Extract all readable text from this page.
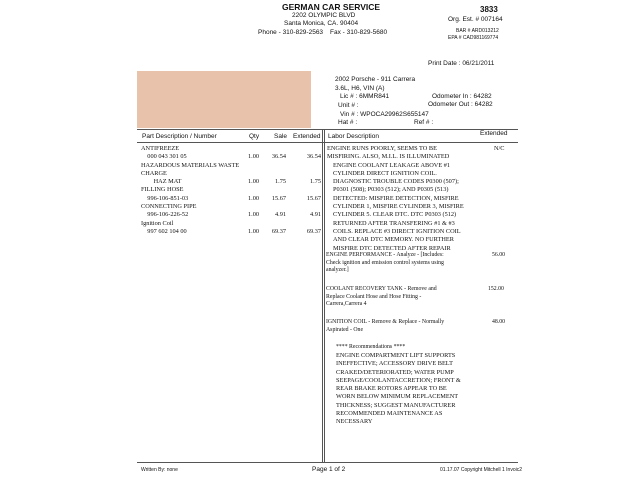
GERMAN CAR SERVICE
2202 OLYMPIC BLVD
Santa Monica, CA. 90404
Phone - 310-829-2563 Fax - 310-829-5680
3833
Org. Est. # 007164
BAR # ARD013212
EPA # CAD981169774
Print Date : 06/21/2011
2002 Porsche - 911 Carrera
3.6L, H6, VIN (A)
Lic # : 6MMR841
Unit # :
Vin # : WPOCA29962S655147
Hat # :
Odometer In : 64282
Odometer Out : 64282
Ref # :
Part Description / Number	Qty Sale Extended Labor Description	Extended
ANTIFREEZE
000 043 301 05	1.00 36.54	36.54
HAZARDOUS MATERIALS WASTE
CHARGE
HAZ MAT	1.00	1.75	1.75
FILLING HOSE
996-106-851-03	1.00 15.67	15.67
CONNECTING PIPE
996-106-226-52	1.00	4.91	4.91
Ignition Coil
997 602 104 00	1.00 69.37	69.37
ENGINE RUNS POORLY, SEEMS TO BE
MISFIRING. ALSO, M.I.L. IS ILLUMINATED
ENGINE COOLANT LEAKAGE ABOVE #1
CYLINDER DIRECT IGNITION COIL.
DIAGNOSTIC TROUBLE CODES P0300 (507);
P0301 (508); P0303 (512); AND P0305 (513)
DETECTED: MISFIRE DETECTION, MISFIRE
CYLINDER 1, MISFIRE CYLINDER 3, MISFIRE
CYLINDER 5. CLEAR DTC. DTC P0303 (512)
RETURNED AFTER TRANSFERING #1 & #3
COILS. REPLACE #3 DIRECT IGNITION COIL
AND CLEAR DTC MEMORY. NO FURTHER
MISFIRE DTC DETECTED AFTER REPAIR
N/C
ENGINE PERFORMANCE - Analyze - [Includes:
Check ignition and emission control systems using
analyzer.]
56.00
COOLANT RECOVERY TANK - Remove and
Replace Coolant Hose and Hose Fitting -
Carrera,Carrera 4
152.00
IGNITION COIL - Remove & Replace - Normally
Aspirated - One
48.00
**** Recommendations ****
ENGINE COMPARTMENT LIFT SUPPORTS
INEFFECTIVE; ACCESSORY DRIVE BELT
CRAKED/DETERIORATED; WATER PUMP
SEEPAGE/COOLANTACCRETION; FRONT &
REAR BRAKE ROTORS APPEAR TO BE
WORN BELOW MINIMUM REPLACEMENT
THICKNESS; SUGGEST MANUFACTURER
RECOMMENDED MAINTENANCE AS
NECESSARY
Written By: none	Page 1 of 2	01.17.07 Copyright Mitchell 1 Invoic2
